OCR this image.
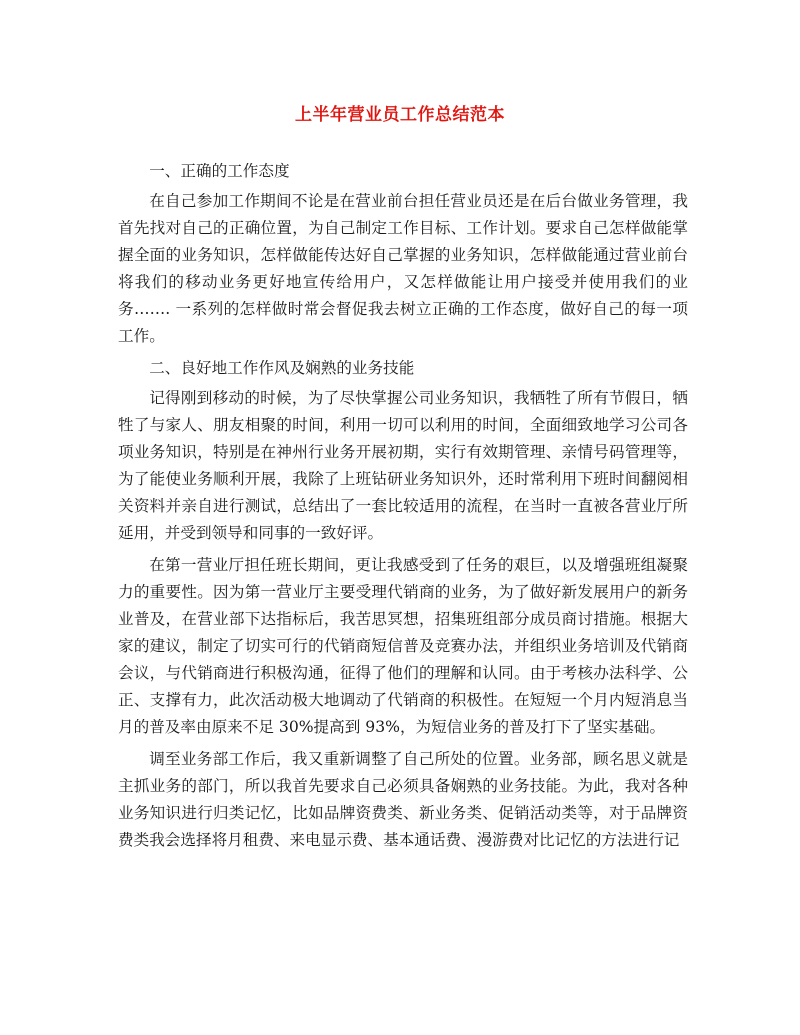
上半年营业员工作总结范本

一、正确的工作态度

在自己参加工作期间不论是在营业前台担任营业员还是在后台做业务管理，我首先找对自己的正确位置，为自己制定工作目标、工作计划。要求自己怎样做能掌握全面的业务知识，怎样做能传达好自己掌握的业务知识，怎样做能通过营业前台将我们的移动业务更好地宣传给用户，又怎样做能让用户接受并使用我们的业务……. 一系列的怎样做时常会督促我去树立正确的工作态度，做好自己的每一项工作。

二、良好地工作作风及娴熟的业务技能

记得刚到移动的时候，为了尽快掌握公司业务知识，我牺牲了所有节假日，牺牲了与家人、朋友相聚的时间，利用一切可以利用的时间，全面细致地学习公司各项业务知识，特别是在神州行业务开展初期，实行有效期管理、亲情号码管理等，为了能使业务顺利开展，我除了上班钻研业务知识外，还时常利用下班时间翻阅相关资料并亲自进行测试，总结出了一套比较适用的流程，在当时一直被各营业厅所延用，并受到领导和同事的一致好评。

在第一营业厅担任班长期间，更让我感受到了任务的艰巨，以及增强班组凝聚力的重要性。因为第一营业厅主要受理代销商的业务，为了做好新发展用户的新务业普及，在营业部下达指标后，我苦思冥想，招集班组部分成员商讨措施。根据大家的建议，制定了切实可行的代销商短信普及竞赛办法，并组织业务培训及代销商会议，与代销商进行积极沟通，征得了他们的理解和认同。由于考核办法科学、公正、支撑有力，此次活动极大地调动了代销商的积极性。在短短一个月内短消息当月的普及率由原来不足 30%提高到 93%，为短信业务的普及打下了坚实基础。

调至业务部工作后，我又重新调整了自己所处的位置。业务部，顾名思义就是主抓业务的部门，所以我首先要求自己必须具备娴熟的业务技能。为此，我对各种业务知识进行归类记忆，比如品牌资费类、新业务类、促销活动类等，对于品牌资费类我会选择将月租费、来电显示费、基本通话费、漫游费对比记忆的方法进行记
